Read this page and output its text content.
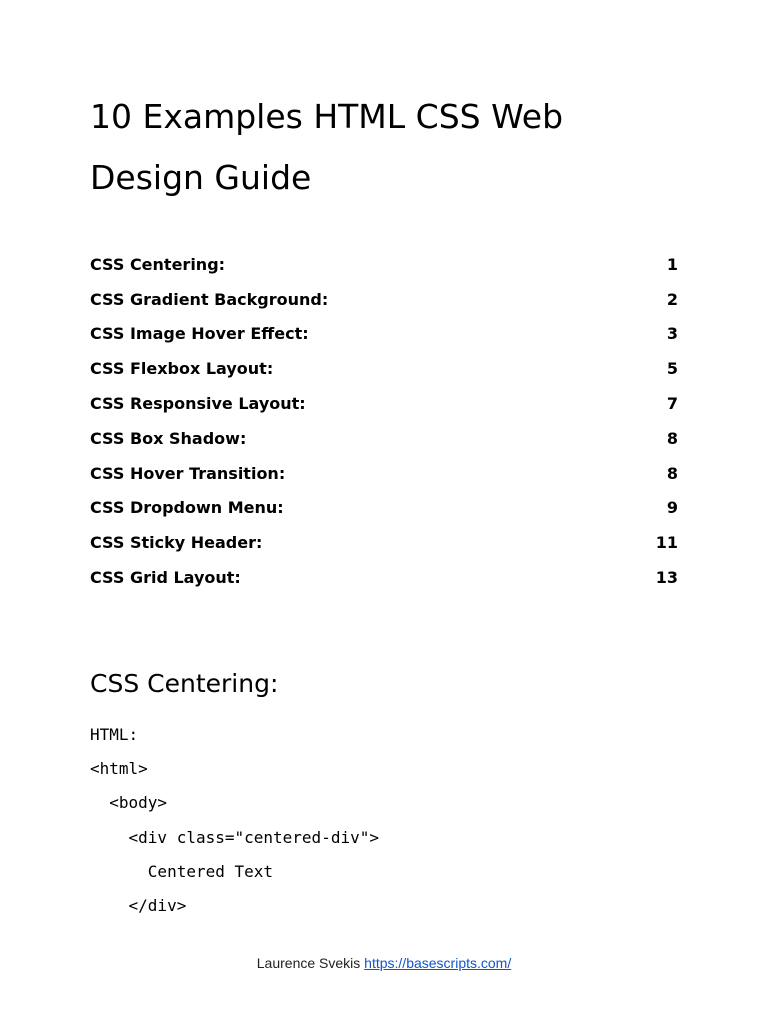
10 Examples HTML CSS Web
Design Guide
CSS Centering:	1
CSS Gradient Background:	2
CSS Image Hover Effect:	3
CSS Flexbox Layout:	5
CSS Responsive Layout:	7
CSS Box Shadow:	8
CSS Hover Transition:	8
CSS Dropdown Menu:	9
CSS Sticky Header:	11
CSS Grid Layout:	13
CSS Centering:
HTML:
<html>
<body>
<div class="centered-div">
Centered Text
</div>
Laurence Svekis https://basescripts.com/
